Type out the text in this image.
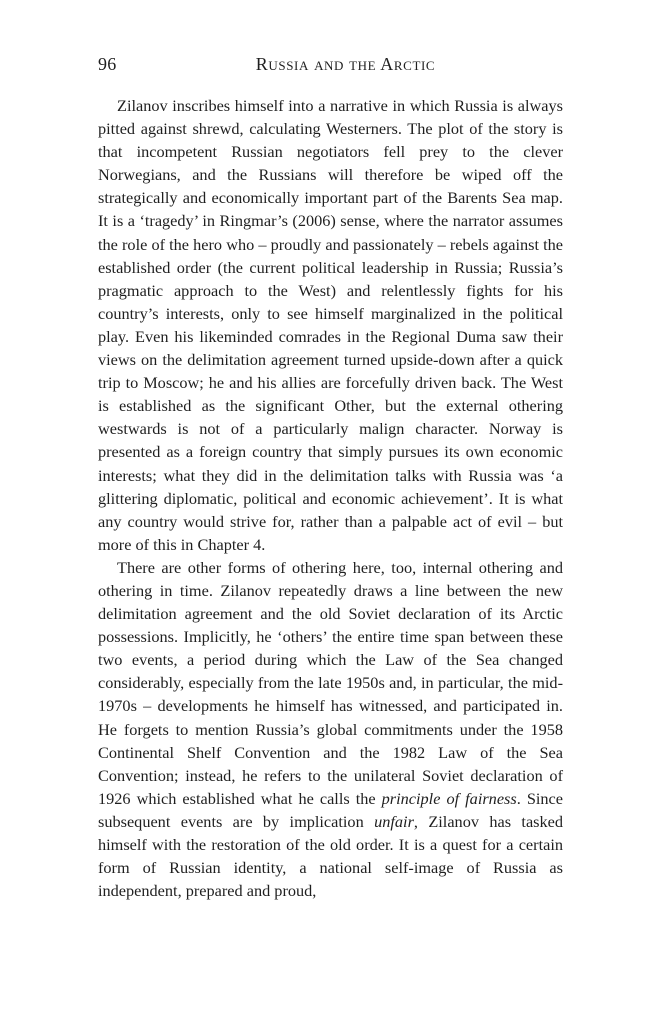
96	Russia and the Arctic

Zilanov inscribes himself into a narrative in which Russia is always pitted against shrewd, calculating Westerners. The plot of the story is that incompetent Russian negotiators fell prey to the clever Norwegians, and the Russians will therefore be wiped off the strategically and economically important part of the Barents Sea map. It is a ‘tragedy’ in Ringmar’s (2006) sense, where the narrator assumes the role of the hero who – proudly and passionately – rebels against the established order (the current political leadership in Russia; Russia’s pragmatic approach to the West) and relentlessly fights for his country’s interests, only to see himself marginalized in the political play. Even his likeminded comrades in the Regional Duma saw their views on the delimitation agreement turned upside-down after a quick trip to Moscow; he and his allies are forcefully driven back. The West is established as the significant Other, but the external othering westwards is not of a particularly malign character. Norway is presented as a foreign country that simply pursues its own economic interests; what they did in the delimitation talks with Russia was ‘a glittering diplomatic, political and economic achievement’. It is what any country would strive for, rather than a palpable act of evil – but more of this in Chapter 4.

There are other forms of othering here, too, internal othering and othering in time. Zilanov repeatedly draws a line between the new delimitation agreement and the old Soviet declaration of its Arctic possessions. Implicitly, he ‘others’ the entire time span between these two events, a period during which the Law of the Sea changed considerably, especially from the late 1950s and, in particular, the mid-1970s – developments he himself has witnessed, and participated in. He forgets to mention Russia’s global commitments under the 1958 Continental Shelf Convention and the 1982 Law of the Sea Convention; instead, he refers to the unilateral Soviet declaration of 1926 which established what he calls the principle of fairness. Since subsequent events are by implication unfair, Zilanov has tasked himself with the restoration of the old order. It is a quest for a certain form of Russian identity, a national self-image of Russia as independent, prepared and proud,
